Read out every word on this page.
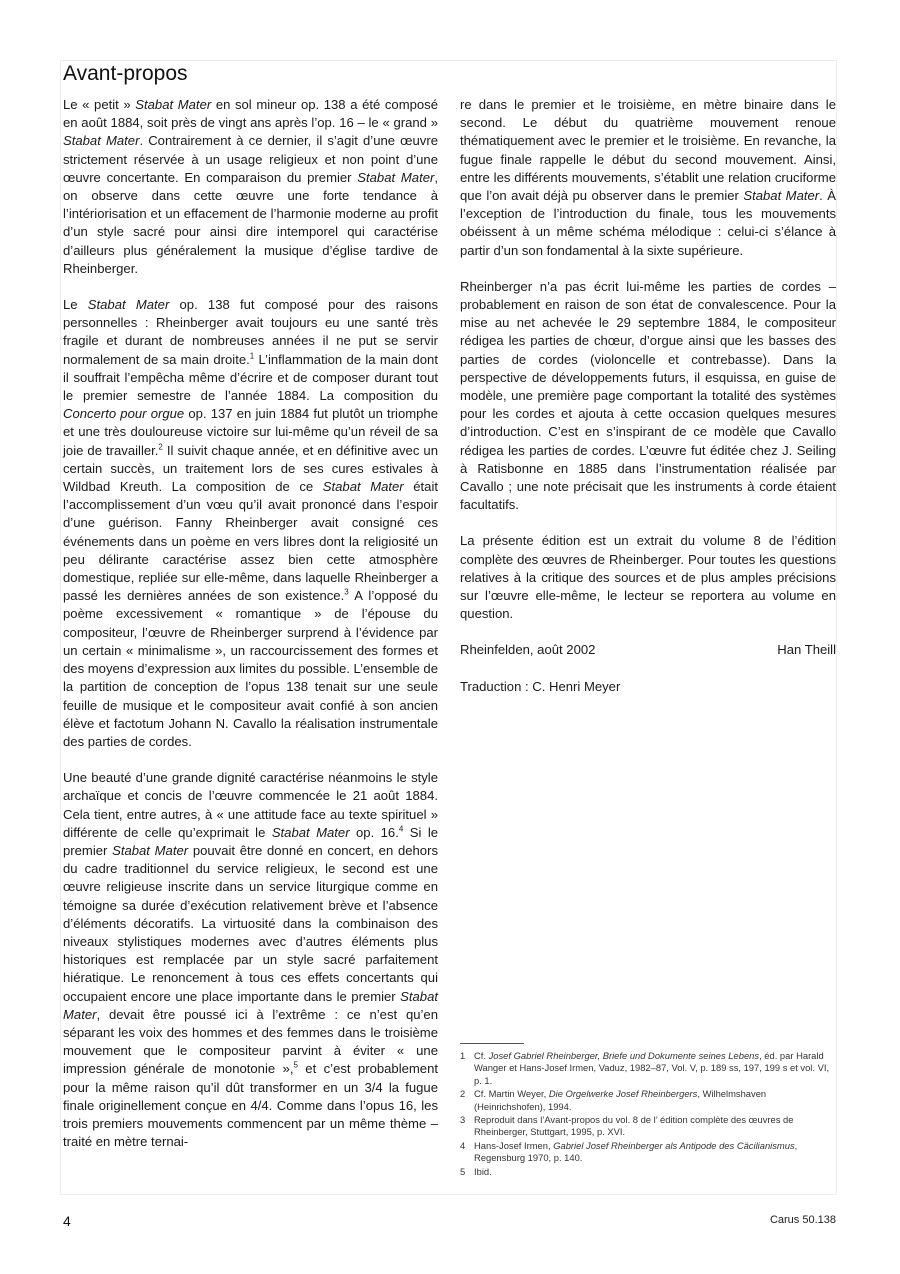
Avant-propos

Le « petit » Stabat Mater en sol mineur op. 138 a été composé en août 1884, soit près de vingt ans après l’op. 16 – le « grand » Stabat Mater. Contrairement à ce dernier, il s’agit d’une œuvre strictement réservée à un usage religieux et non point d’une œuvre concertante. En comparaison du premier Stabat Mater, on observe dans cette œuvre une forte tendance à l’intériorisation et un effacement de l’harmonie moderne au profit d’un style sacré pour ainsi dire intemporel qui caractérise d’ailleurs plus généralement la musique d’église tardive de Rheinberger.

Le Stabat Mater op. 138 fut composé pour des raisons personnelles : Rheinberger avait toujours eu une santé très fragile et durant de nombreuses années il ne put se servir normalement de sa main droite.$^1$ L’inflammation de la main dont il souffrait l’empêcha même d’écrire et de composer durant tout le premier semestre de l’année 1884. La composition du Concerto pour orgue op. 137 en juin 1884 fut plutôt un triomphe et une très douloureuse victoire sur lui-même qu’un réveil de sa joie de travailler.$^2$ Il suivit chaque année, et en définitive avec un certain succès, un traitement lors de ses cures estivales à Wildbad Kreuth. La composition de ce Stabat Mater était l’accomplissement d’un vœu qu’il avait prononcé dans l’espoir d’une guérison. Fanny Rheinberger avait consigné ces événements dans un poème en vers libres dont la religiosité un peu délirante caractérise assez bien cette atmosphère domestique, repliée sur elle-même, dans laquelle Rheinberger a passé les dernières années de son existence.$^3$ A l’opposé du poème excessivement « romantique » de l’épouse du compositeur, l’œuvre de Rheinberger surprend à l’évidence par un certain « minimalisme », un raccourcissement des formes et des moyens d’expression aux limites du possible. L’ensemble de la partition de conception de l’opus 138 tenait sur une seule feuille de musique et le compositeur avait confié à son ancien élève et factotum Johann N. Cavallo la réalisation instrumentale des parties de cordes.

Une beauté d’une grande dignité caractérise néanmoins le style archaïque et concis de l’œuvre commencée le 21 août 1884. Cela tient, entre autres, à « une attitude face au texte spirituel » différente de celle qu’exprimait le Stabat Mater op. 16.$^4$ Si le premier Stabat Mater pouvait être donné en concert, en dehors du cadre traditionnel du service religieux, le second est une œuvre religieuse inscrite dans un service liturgique comme en témoigne sa durée d’exécution relativement brève et l’absence d’éléments décoratifs. La virtuosité dans la combinaison des niveaux stylistiques modernes avec d’autres éléments plus historiques est remplacée par un style sacré parfaitement hiératique. Le renoncement à tous ces effets concertants qui occupaient encore une place importante dans le premier Stabat Mater, devait être poussé ici à l’extrême : ce n’est qu’en séparant les voix des hommes et des femmes dans le troisième mouvement que le compositeur parvint à éviter « une impression générale de monotonie »,$^5$ et c’est probablement pour la même raison qu’il dût transformer en un 3/4 la fugue finale originellement conçue en 4/4. Comme dans l’opus 16, les trois premiers mouvements commencent par un même thème – traité en mètre ternai-

re dans le premier et le troisième, en mètre binaire dans le second. Le début du quatrième mouvement renoue thématiquement avec le premier et le troisième. En revanche, la fugue finale rappelle le début du second mouvement. Ainsi, entre les différents mouvements, s’établit une relation cruciforme que l’on avait déjà pu observer dans le premier Stabat Mater. À l’exception de l’introduction du finale, tous les mouvements obéissent à un même schéma mélodique : celui-ci s’élance à partir d’un son fondamental à la sixte supérieure.

Rheinberger n’a pas écrit lui-même les parties de cordes – probablement en raison de son état de convalescence. Pour la mise au net achevée le 29 septembre 1884, le compositeur rédigea les parties de chœur, d’orgue ainsi que les basses des parties de cordes (violoncelle et contrebasse). Dans la perspective de développements futurs, il esquissa, en guise de modèle, une première page comportant la totalité des systèmes pour les cordes et ajouta à cette occasion quelques mesures d’introduction. C’est en s’inspirant de ce modèle que Cavallo rédigea les parties de cordes. L’œuvre fut éditée chez J. Seiling à Ratisbonne en 1885 dans l’instrumentation réalisée par Cavallo ; une note précisait que les instruments à corde étaient facultatifs.

La présente édition est un extrait du volume 8 de l’édition complète des œuvres de Rheinberger. Pour toutes les questions relatives à la critique des sources et de plus amples précisions sur l’œuvre elle-même, le lecteur se reportera au volume en question.

Rheinfelden, août 2002	Han Theill

Traduction : C. Henri Meyer

1 Cf. Josef Gabriel Rheinberger, Briefe und Dokumente seines Lebens, éd. par Harald Wanger et Hans-Josef Irmen, Vaduz, 1982–87, Vol. V, p. 189 ss, 197, 199 s et vol. VI, p. 1.
2 Cf. Martin Weyer, Die Orgelwerke Josef Rheinbergers, Wilhelmshaven (Heinrichshofen), 1994.
3 Reproduit dans l’Avant-propos du vol. 8 de l’ édition complète des œuvres de Rheinberger, Stuttgart, 1995, p. XVI.
4 Hans-Josef Irmen, Gabriel Josef Rheinberger als Antipode des Cäcilianismus, Regensburg 1970, p. 140.
5 Ibid.
4	Carus 50.138
